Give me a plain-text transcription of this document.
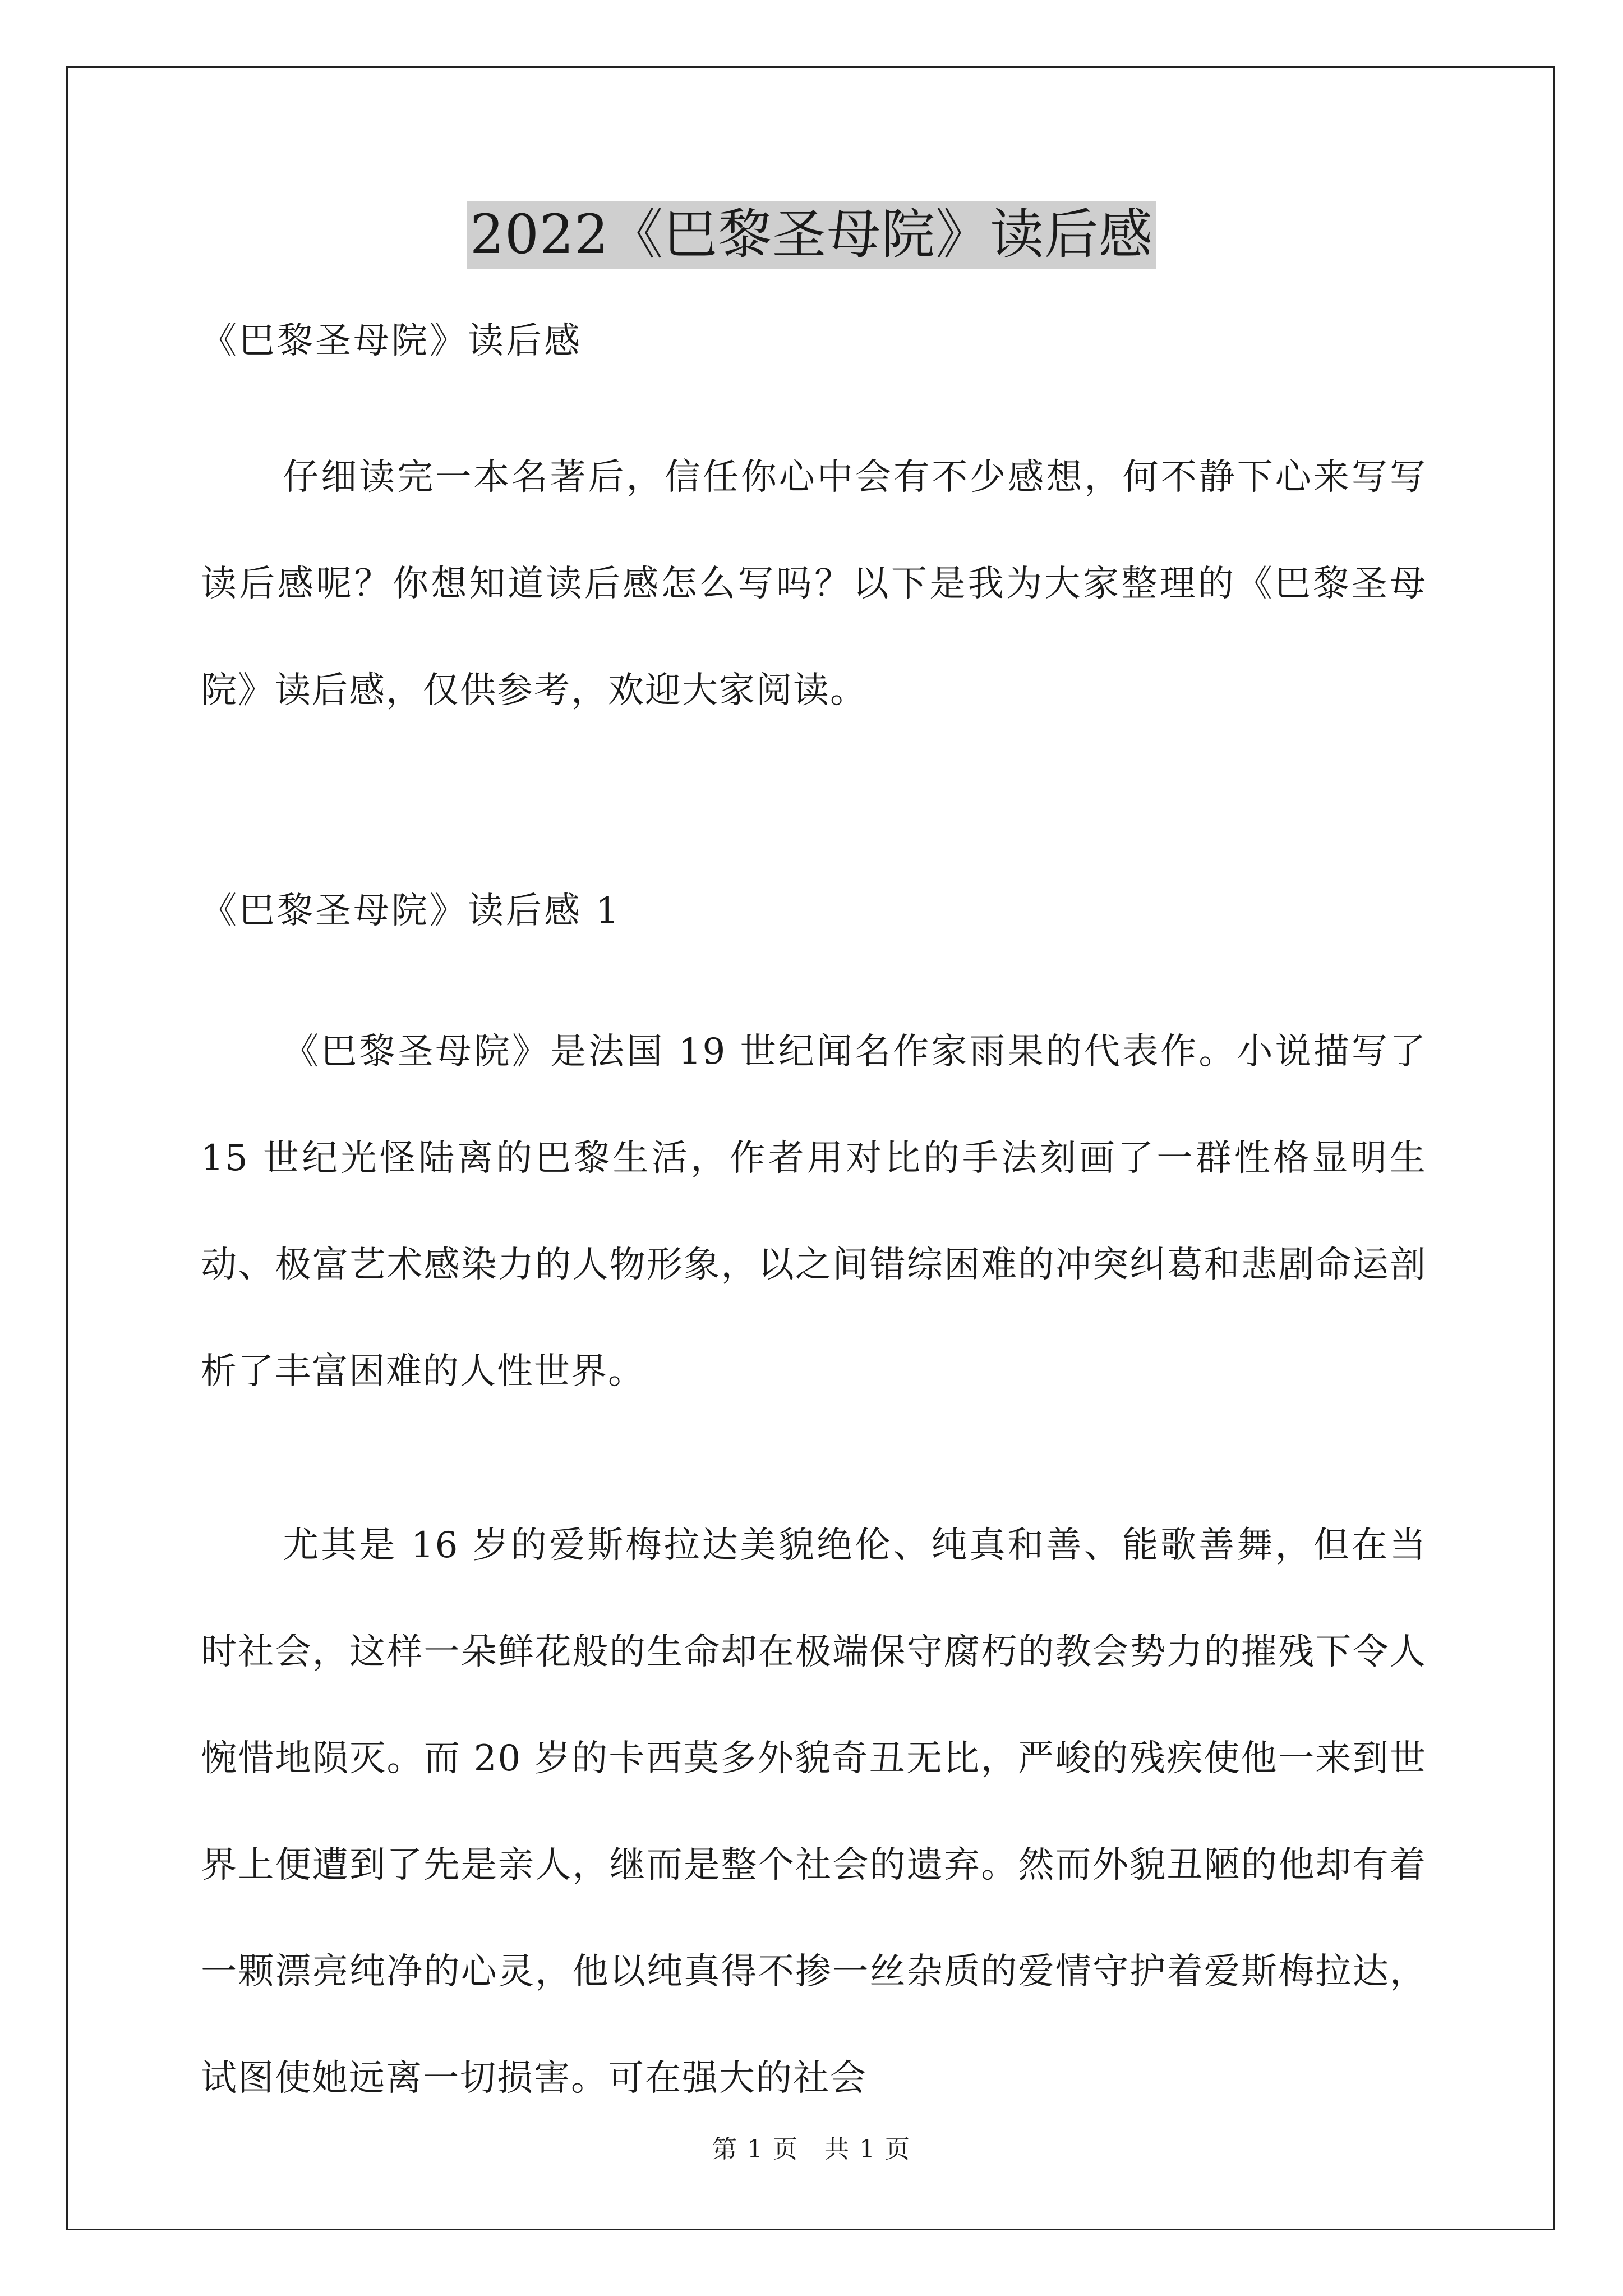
2022《巴黎圣母院》读后感
《巴黎圣母院》读后感

仔细读完一本名著后，信任你心中会有不少感想，何不静下心来写写读后感呢？你想知道读后感怎么写吗？以下是我为大家整理的《巴黎圣母院》读后感，仅供参考，欢迎大家阅读。

《巴黎圣母院》读后感 1

《巴黎圣母院》是法国 19 世纪闻名作家雨果的代表作。小说描写了 15 世纪光怪陆离的巴黎生活，作者用对比的手法刻画了一群性格显明生动、极富艺术感染力的人物形象，以之间错综困难的冲突纠葛和悲剧命运剖析了丰富困难的人性世界。

尤其是 16 岁的爱斯梅拉达美貌绝伦、纯真和善、能歌善舞，但在当时社会，这样一朵鲜花般的生命却在极端保守腐朽的教会势力的摧残下令人惋惜地陨灭。而 20 岁的卡西莫多外貌奇丑无比，严峻的残疾使他一来到世界上便遭到了先是亲人，继而是整个社会的遗弃。然而外貌丑陋的他却有着一颗漂亮纯净的心灵，他以纯真得不掺一丝杂质的爱情守护着爱斯梅拉达，试图使她远离一切损害。可在强大的社会

第 1 页　共 1 页
